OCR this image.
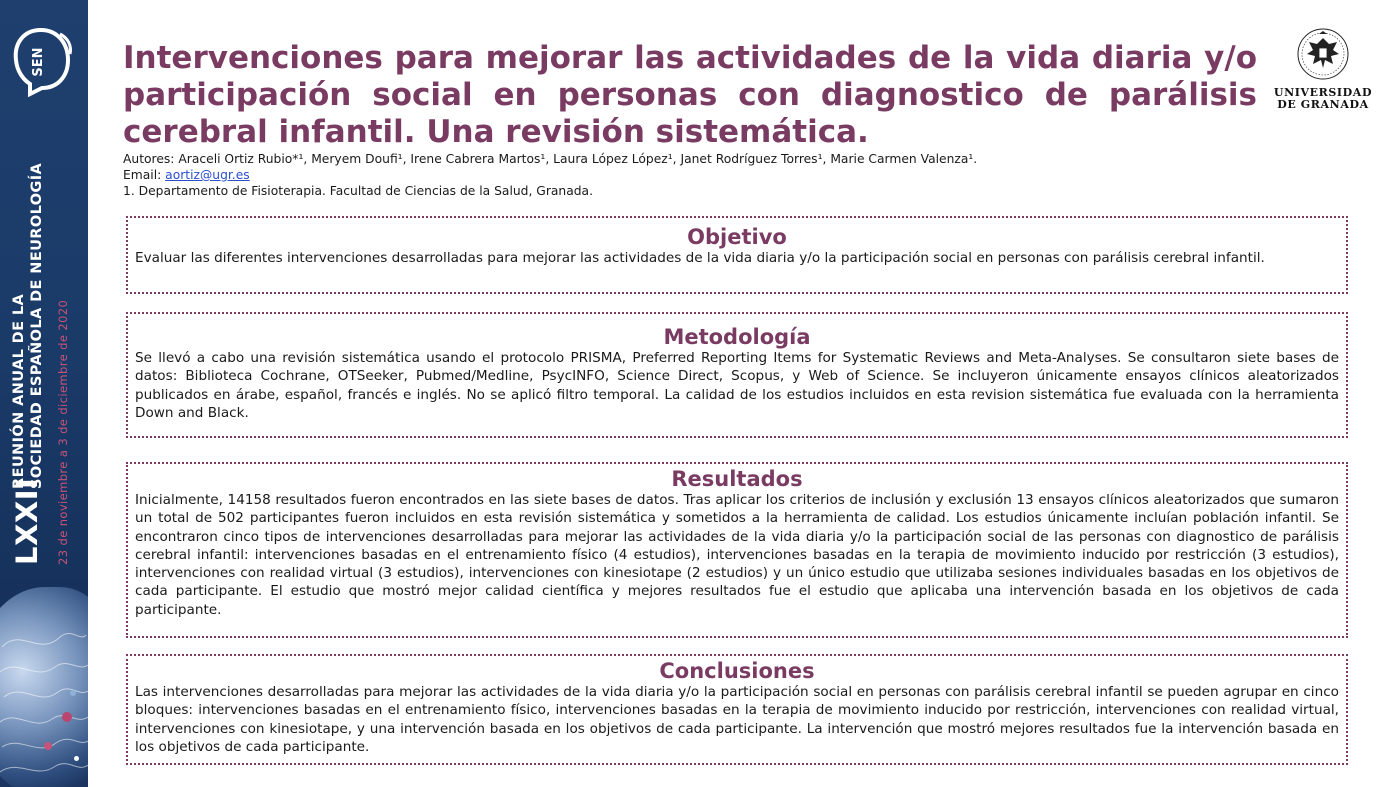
SEN
LXXII
REUNIÓN ANUAL DE LA SOCIEDAD ESPAÑOLA DE NEUROLOGÍA 23 de noviembre a 3 de diciembre de 2020
Intervenciones para mejorar las actividades de la vida diaria y/o participación social en personas con diagnostico de parálisis cerebral infantil. Una revisión sistemática.
Autores: Araceli Ortiz Rubio*¹, Meryem Doufi¹, Irene Cabrera Martos¹, Laura López López¹, Janet Rodríguez Torres¹, Marie Carmen Valenza¹.
Email: aortiz@ugr.es
1. Departamento de Fisioterapia. Facultad de Ciencias de la Salud, Granada.
UNIVERSIDAD
DE GRANADA
Objetivo

Evaluar las diferentes intervenciones desarrolladas para mejorar las actividades de la vida diaria y/o la participación social en personas con parálisis cerebral infantil.

Metodología

Se llevó a cabo una revisión sistemática usando el protocolo PRISMA, Preferred Reporting Items for Systematic Reviews and Meta-Analyses. Se consultaron siete bases de datos: Biblioteca Cochrane, OTSeeker, Pubmed/Medline, PsycINFO, Science Direct, Scopus, y Web of Science. Se incluyeron únicamente ensayos clínicos aleatorizados publicados en árabe, español, francés e inglés. No se aplicó filtro temporal. La calidad de los estudios incluidos en esta revision sistemática fue evaluada con la herramienta Down and Black.

Resultados

Inicialmente, 14158 resultados fueron encontrados en las siete bases de datos. Tras aplicar los criterios de inclusión y exclusión 13 ensayos clínicos aleatorizados que sumaron un total de 502 participantes fueron incluidos en esta revisión sistemática y sometidos a la herramienta de calidad. Los estudios únicamente incluían población infantil. Se encontraron cinco tipos de intervenciones desarrolladas para mejorar las actividades de la vida diaria y/o la participación social de las personas con diagnostico de parálisis cerebral infantil: intervenciones basadas en el entrenamiento físico (4 estudios), intervenciones basadas en la terapia de movimiento inducido por restricción (3 estudios), intervenciones con realidad virtual (3 estudios), intervenciones con kinesiotape (2 estudios) y un único estudio que utilizaba sesiones individuales basadas en los objetivos de cada participante. El estudio que mostró mejor calidad científica y mejores resultados fue el estudio que aplicaba una intervención basada en los objetivos de cada participante.

Conclusiones

Las intervenciones desarrolladas para mejorar las actividades de la vida diaria y/o la participación social en personas con parálisis cerebral infantil se pueden agrupar en cinco bloques: intervenciones basadas en el entrenamiento físico, intervenciones basadas en la terapia de movimiento inducido por restricción, intervenciones con realidad virtual, intervenciones con kinesiotape, y una intervención basada en los objetivos de cada participante. La intervención que mostró mejores resultados fue la intervención basada en los objetivos de cada participante.
